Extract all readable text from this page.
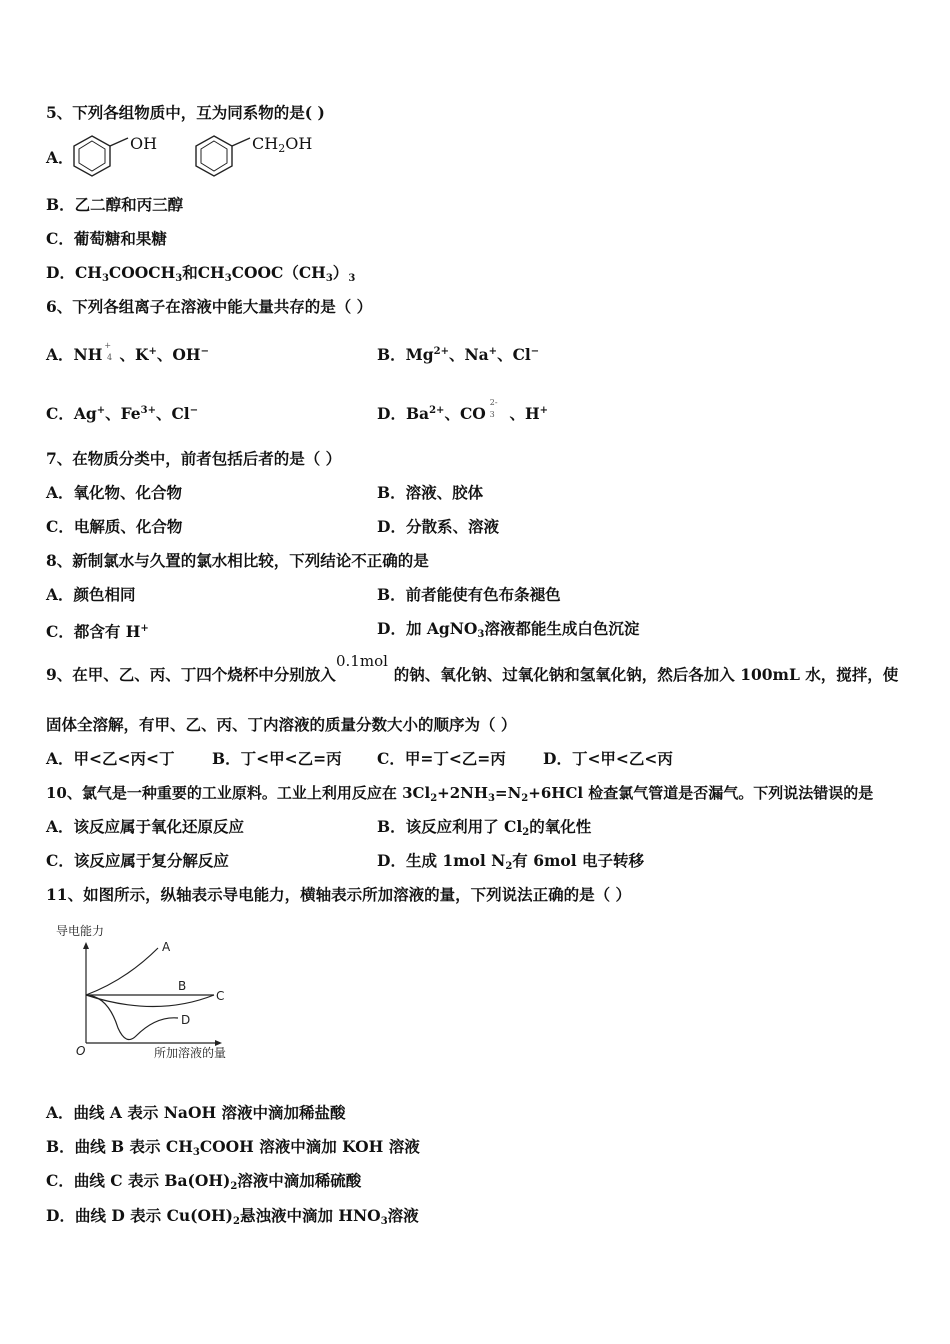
5、下列各组物质中，互为同系物的是( )
A．
OH	$CH_2OH$
B．乙二醇和丙三醇
C．葡萄糖和果糖
D．$CH_3COOCH_3$和$CH_3COOC(CH_3)_3$
6、下列各组离子在溶液中能大量共存的是（ ）
A．NH +4 、K+、OH−	B．$Mg^{2+}$、Na+、Cl−
C．Ag+、$Fe^{3+}$、Cl−	D．$Ba^{2+}$、$CO^{2-}3$ 、H+
7、在物质分类中，前者包括后者的是（ ）
A．氧化物、化合物	B．溶液、胶体
C．电解质、化合物	D．分散系、溶液
8、新制氯水与久置的氯水相比较，下列结论不正确的是
A．颜色相同	B．前者能使有色布条褪色
C．都含有 H+	D．加 AgNO$_3$溶液都能生成白色沉淀
9、在甲、乙、丙、丁四个烧杯中分别放入	的钠、氧化钠、过氧化钠和氢氧化钠，然后各加入 100mL 水，搅拌，使
0.1mol
固体全溶解，有甲、乙、丙、丁内溶液的质量分数大小的顺序为（ ）
A．甲<乙<丙<丁 B．丁<甲<乙=丙 C．甲=丁<乙=丙 D．丁<甲<乙<丙
10、氯气是一种重要的工业原料。工业上利用反应在 $3Cl_2+2NH_3=N_2+6HCl$ 检查氯气管道是否漏气。下列说法错误的是
A．该反应属于氧化还原反应	B．该反应利用了 $Cl_2$的氧化性
C．该反应属于复分解反应	D．生成 1mol $N_2$有 6mol 电子转移
11、如图所示，纵轴表示导电能力，横轴表示所加溶液的量，下列说法正确的是（ ）
导电能力
A
B
C
D
O	所加溶液的量
A．曲线 A 表示 NaOH 溶液中滴加稀盐酸
B．曲线 B 表示 $CH_3COOH$ 溶液中滴加 KOH 溶液
C．曲线 C 表示 $Ba(OH)_2$溶液中滴加稀硫酸
D．曲线 D 表示 $Cu(OH)_2$悬浊液中滴加 $HNO_3$溶液
